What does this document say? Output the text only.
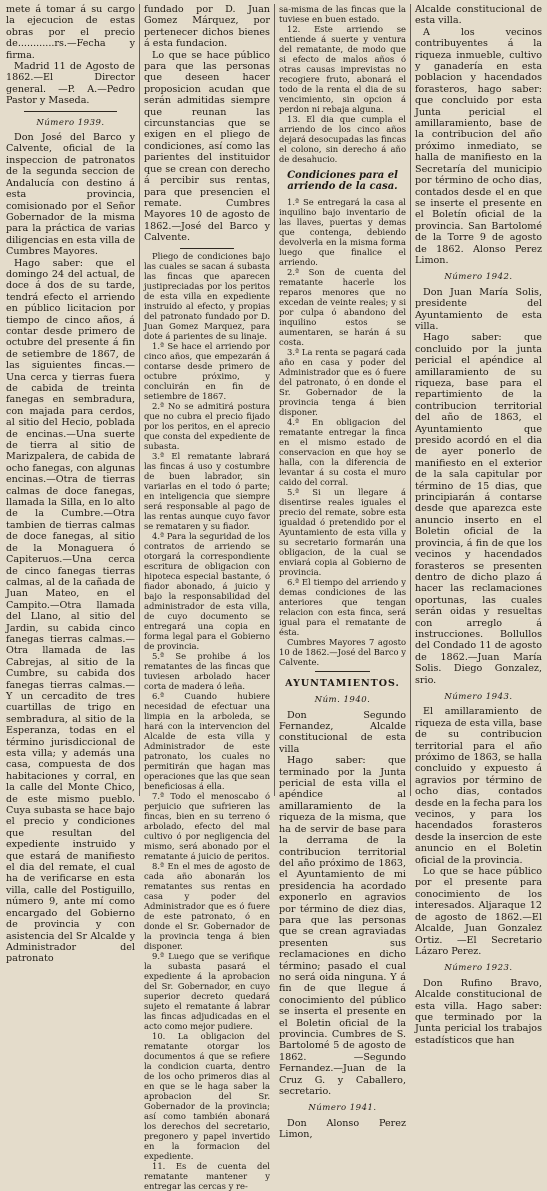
mete á tomar á su cargo la ejecucion de estas obras por el precio de............rs.—Fecha y firma.

Madrid 11 de Agosto de 1862.—El Director general. —P. A.—Pedro Pastor y Maseda.

Número 1939.

Don José del Barco y Calvente, oficial de la inspeccion de patronatos de la segunda seccion de Andalucía con destino á esta provincia, comisionado por el Señor Gobernador de la misma para la práctica de varias diligencias en esta villa de Cumbres Mayores.

Hago saber: que el domingo 24 del actual, de doce á dos de su tarde, tendrá efecto el arriendo en público licitacion por tiempo de cinco años, á contar desde primero de octubre del presente á fin de setiembre de 1867, de las siguientes fincas.—Una cerca y tierras fuera de cabida de treinta fanegas en sembradura, con majada para cerdos, al sitio del Hecio, poblada de encinas.—Una suerte de tierra al sitio de Marizpalera, de cabida de ocho fanegas, con algunas encinas.—Otra de tierras calmas de doce fanegas, llamada la Silla, en lo alto de la Cumbre.—Otra tambien de tierras calmas de doce fanegas, al sitio de la Monaguera ó Capiteruos.—Una cerca de cinco fanegas tierras calmas, al de la cañada de Juan Mateo, en el Campito.—Otra llamada del Llano, al sitio del Jardin, su cabida cinco fanegas tierras calmas.—Otra llamada de las Cabrejas, al sitio de la Cumbre, su cabida dos fanegas tierras calmas.—Y un cercadito de tres cuartillas de trigo en sembradura, al sitio de la Esperanza, todas en el término jurisdiccional de esta villa; y además una casa, compuesta de dos habitaciones y corral, en la calle del Monte Chico, de este mismo pueblo. Cuya subasta se hace bajo el precio y condiciones que resultan del expediente instruido y que estará de manifiesto el dia del remate, el cual ha de verificarse en esta villa, calle del Postiguillo, número 9, ante mí como encargado del Gobierno de provincia y con asistencia del Sr Alcalde y Administrador del patronato

fundado por D. Juan Gomez Márquez, por pertenecer dichos bienes á esta fundacion.

Lo que se hace público para que las personas que deseen hacer proposicion acudan que serán admitidas siempre que reunan las circunstancias que se exigen en el pliego de condiciones, así como las parientes del instituidor que se crean con derecho á percibir sus rentas, para que presencien el remate. Cumbres Mayores 10 de agosto de 1862.—José del Barco y Calvente.

Pliego de condiciones bajo las cuales se sacan á subasta las fincas que aparecen justipreciadas por los peritos de esta villa en expediente instruido al efecto, y propias del patronato fundado por D. Juan Gomez Marquez, para dote á parientes de su linaje.

1.ª Se hace el arriendo por cinco años, que empezarán á contarse desde primero de octubre próximo, y concluirán en fin de setiembre de 1867.

2.ª No se admitirá postura que no cubra el precio fijado por los peritos, en el aprecio que consta del expediente de subasta.

3.ª El rematante labrará las fincas á uso y costumbre de buen labrador, sin variarlas en el todo ó parte; en inteligencia que siempre será responsable al pago de las rentas aunque cuyo favor se remataren y su fiador.

4.ª Para la seguridad de los contratos de arriendo se otorgará la correspondiente escritura de obligacion con hipoteca especial bastante, ó fiador abonado, á juicio y bajo la responsabilidad del administrador de esta villa, de cuyo documento se entregará una copia en forma legal para el Gobierno de provincia.

5.ª Se prohibe á los rematantes de las fincas que tuviesen arbolado hacer corta de madera ó leña.

6.ª Cuando hubiere necesidad de efectuar una limpia en la arboleda, se hará con la intervencion del Alcalde de esta villa y Administrador de este patronato, los cuales no permitirán que hagan mas operaciones que las que sean beneficiosas á ella.

7.ª Todo el menoscabo ó perjuicio que sufrieren las fincas, bien en su terreno ó arbolado, efecto del mal cultivo ó por negligencia del mismo, será abonado por el rematante á juicio de peritos.

8.ª En el mes de agosto de cada año abonarán los rematantes sus rentas en casa y poder del Administrador que es ó fuere de este patronato, ó en donde el Sr. Gobernador de la provincia tenga á bien disponer.

9.ª Luego que se verifique la subasta pasará el expediente á la aprobacion del Sr. Gobernador, en cuyo superior decreto quedará sujeto el rematante á labrar las fincas adjudicadas en el acto como mejor pudiere.

10. La obligacion del rematante otorgar los documentos á que se refiere la condicion cuarta, dentro de los ocho primeros dias al en que se le haga saber la aprobacion del Sr. Gobernador de la provincia; así como también abonará los derechos del secretario, pregonero y papel invertido en la formacion del expediente.

11. Es de cuenta del rematante mantener y entregar las cercas y re-

sa-misma de las fincas que la tuviese en buen estado.

12. Este arriendo se entiende á suerte y ventura del rematante, de modo que si efecto de malos años ó otras causas imprevistas no recogiere fruto, abonará el todo de la renta el dia de su vencimiento, sin opcion á perdon ni rebaja alguna.

13. El dia que cumpla el arriendo de los cinco años dejará desocupadas las fincas el colono, sin derecho á año de desahucio.

Condiciones para el arriendo de la casa.

1.ª Se entregará la casa al inquilino bajo inventario de las llaves, puertas y demas que contenga, debiendo devolverla en la misma forma luego que finalice el arriendo.

2.ª Son de cuenta del rematante hacerle los reparos menores que no excedan de veinte reales; y si por culpa ó abandono del inquilino estos se aumentaren, se harán á su costa.

3.ª La renta se pagará cada año en casa y poder del Administrador que es ó fuere del patronato, ó en donde el Sr. Gobernador de la provincia tenga á bien disponer.

4.ª En obligacion del rematante entregar la finca en el mismo estado de conservacion en que hoy se halla, con la diferencia de levantar á su costa el muro caido del corral.

5.ª Si un llegare á disentirse reales iguales el precio del remate, sobre esta igualdad ó pretendido por el Ayuntamiento de esta villa y su secretario formarán una obligacion, de la cual se enviará copia al Gobierno de provincia.

6.ª El tiempo del arriendo y demas condiciones de las anteriores que tengan relacion con esta finca, será igual para el rematante de ésta.

Cumbres Mayores 7 agosto 10 de 1862.—José del Barco y Calvente.

AYUNTAMIENTOS.
Núm. 1940.

Don Segundo Fernandez, Alcalde constitucional de esta villa

Hago saber: que terminado por la Junta pericial de esta villa el apéndice al amillaramiento de la riqueza de la misma, que ha de servir de base para la derrama de la contribucion territorial del año próximo de 1863, el Ayuntamiento de mi presidencia ha acordado exponerlo en agravios por término de diez dias, para que las personas que se crean agraviadas presenten sus reclamaciones en dicho término; pasado el cual no será oida ninguna. Y á fin de que llegue á conocimiento del público se inserta el presente en el Boletin oficial de la provincia. Cumbres de S. Bartolomé 5 de agosto de 1862. —Segundo Fernandez.—Juan de la Cruz G. y Caballero, secretario.

Número 1941.

Don Alonso Perez Limon,

Alcalde constitucional de esta villa.

A los vecinos contribuyentes á la riqueza inmueble, cultivo y ganadería en esta poblacion y hacendados forasteros, hago saber: que concluido por esta Junta pericial el amillaramiento, base de la contribucion del año próximo inmediato, se halla de manifiesto en la Secretaría del municipio por término de ocho dias, contados desde el en que se inserte el presente en el Boletín oficial de la provincia. San Bartolomé de la Torre 9 de agosto de 1862. Alonso Perez Limon.

Número 1942.

Don Juan María Solis, presidente del Ayuntamiento de esta villa.

Hago saber: que concluido por la junta pericial el apéndice al amillaramiento de su riqueza, base para el repartimiento de la contribucion territorial del año de 1863, el Ayuntamiento que presido acordó en el dia de ayer ponerlo de manifiesto en el exterior de la sala capitular por término de 15 dias, que principiarán á contarse desde que aparezca este anuncio inserto en el Boletin oficial de la provincia, á fin de que los vecinos y hacendados forasteros se presenten dentro de dicho plazo á hacer las reclamaciones oportunas, las cuales serán oidas y resueltas con arreglo á instrucciones. Bollullos del Condado 11 de agosto de 1862.—Juan María Solis. Diego Gonzalez, srio.

Número 1943.

El amillaramiento de riqueza de esta villa, base de su contribucion territorial para el año próximo de 1863, se halla concluido y expuesto á agravios por término de ocho dias, contados desde en la fecha para los vecinos, y para los hacendados forasteros desde la insercion de este anuncio en el Boletin oficial de la provincia.

Lo que se hace público por el presente para conocimiento de los interesados. Aljaraque 12 de agosto de 1862.—El Alcalde, Juan Gonzalez Ortiz. —El Secretario Lázaro Perez.

Número 1923.

Don Rufino Bravo, Alcalde constitucional de esta villa. Hago saber: que terminado por la Junta pericial los trabajos estadísticos que han
